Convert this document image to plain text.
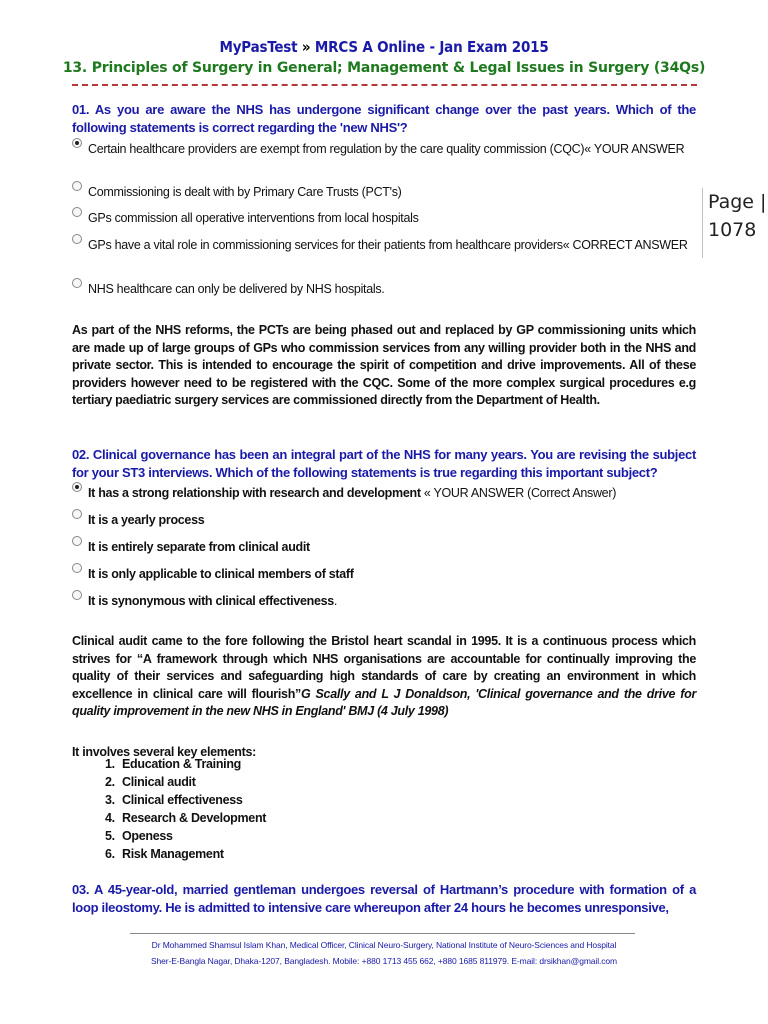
MyPasTest » MRCS A Online - Jan Exam 2015
13. Principles of Surgery in General; Management & Legal Issues in Surgery (34Qs)
Page |
1078
01. As you are aware the NHS has undergone significant change over the past years. Which of the following statements is correct regarding the 'new NHS'?
Certain healthcare providers are exempt from regulation by the care quality commission (CQC)« YOUR ANSWER
Commissioning is dealt with by Primary Care Trusts (PCT's)
GPs commission all operative interventions from local hospitals
GPs have a vital role in commissioning services for their patients from healthcare providers« CORRECT ANSWER
NHS healthcare can only be delivered by NHS hospitals.
As part of the NHS reforms, the PCTs are being phased out and replaced by GP commissioning units which are made up of large groups of GPs who commission services from any willing provider both in the NHS and private sector. This is intended to encourage the spirit of competition and drive improvements. All of these providers however need to be registered with the CQC. Some of the more complex surgical procedures e.g tertiary paediatric surgery services are commissioned directly from the Department of Health.
02. Clinical governance has been an integral part of the NHS for many years. You are revising the subject for your ST3 interviews. Which of the following statements is true regarding this important subject?
It has a strong relationship with research and development « YOUR ANSWER (Correct Answer)
It is a yearly process
It is entirely separate from clinical audit
It is only applicable to clinical members of staff
It is synonymous with clinical effectiveness.
Clinical audit came to the fore following the Bristol heart scandal in 1995. It is a continuous process which strives for “A framework through which NHS organisations are accountable for continually improving the quality of their services and safeguarding high standards of care by creating an environment in which excellence in clinical care will flourish”G Scally and L J Donaldson, 'Clinical governance and the drive for quality improvement in the new NHS in England' BMJ (4 July 1998)
It involves several key elements:
1. Education & Training
2. Clinical audit
3. Clinical effectiveness
4. Research & Development
5. Openess
6. Risk Management
03. A 45-year-old, married gentleman undergoes reversal of Hartmann’s procedure with formation of a loop ileostomy. He is admitted to intensive care whereupon after 24 hours he becomes unresponsive,
Dr Mohammed Shamsul Islam Khan, Medical Officer, Clinical Neuro-Surgery, National Institute of Neuro-Sciences and Hospital
Sher-E-Bangla Nagar, Dhaka-1207, Bangladesh. Mobile: +880 1713 455 662, +880 1685 811979. E-mail: drsikhan@gmail.com
